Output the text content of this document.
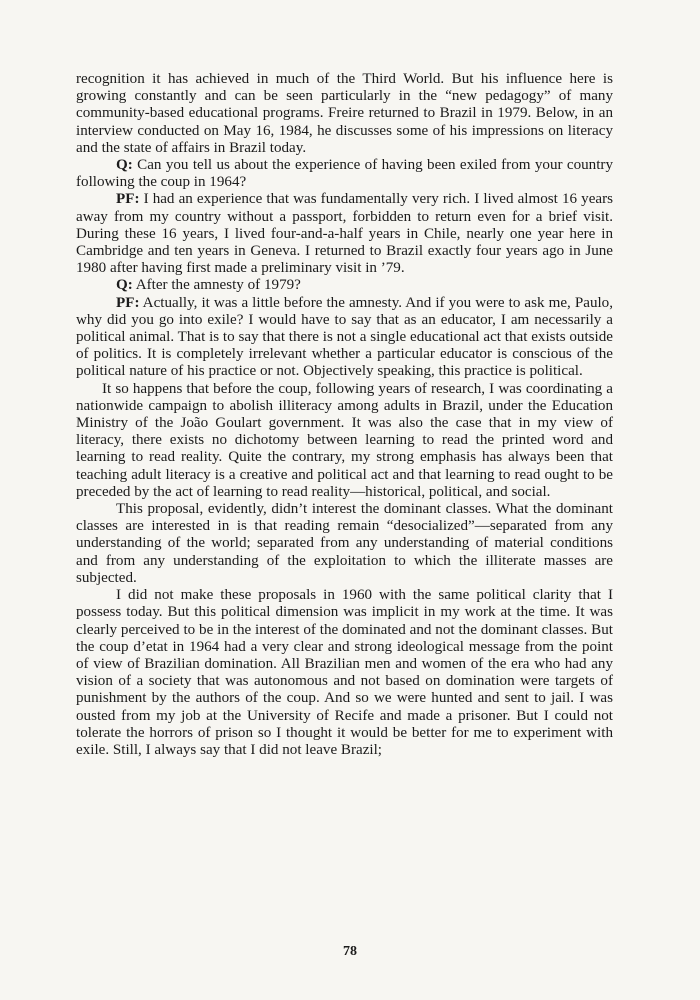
recognition it has achieved in much of the Third World. But his influence here is growing constantly and can be seen particularly in the “new pedagogy” of many community-based educational programs. Freire returned to Brazil in 1979. Below, in an interview conducted on May 16, 1984, he discusses some of his impressions on literacy and the state of affairs in Brazil today.

Q: Can you tell us about the experience of having been exiled from your country following the coup in 1964?

PF: I had an experience that was fundamentally very rich. I lived almost 16 years away from my country without a passport, forbidden to return even for a brief visit. During these 16 years, I lived four-and-a-half years in Chile, nearly one year here in Cambridge and ten years in Geneva. I returned to Brazil exactly four years ago in June 1980 after having first made a preliminary visit in ’79.

Q: After the amnesty of 1979?

PF: Actually, it was a little before the amnesty. And if you were to ask me, Paulo, why did you go into exile? I would have to say that as an educator, I am necessarily a political animal. That is to say that there is not a single educational act that exists outside of politics. It is completely irrelevant whether a particular educator is conscious of the political nature of his practice or not. Objectively speaking, this practice is political.

It so happens that before the coup, following years of research, I was coordinating a nationwide campaign to abolish illiteracy among adults in Brazil, under the Education Ministry of the João Goulart government. It was also the case that in my view of literacy, there exists no dichotomy between learning to read the printed word and learning to read reality. Quite the contrary, my strong emphasis has always been that teaching adult literacy is a creative and political act and that learning to read ought to be preceded by the act of learning to read reality—historical, political, and social.

This proposal, evidently, didn’t interest the dominant classes. What the dominant classes are interested in is that reading remain “desocialized”—separated from any understanding of the world; separated from any understanding of material conditions and from any understanding of the exploitation to which the illiterate masses are subjected.

I did not make these proposals in 1960 with the same political clarity that I possess today. But this political dimension was implicit in my work at the time. It was clearly perceived to be in the interest of the dominated and not the dominant classes. But the coup d’etat in 1964 had a very clear and strong ideological message from the point of view of Brazilian domination. All Brazilian men and women of the era who had any vision of a society that was autonomous and not based on domination were targets of punishment by the authors of the coup. And so we were hunted and sent to jail. I was ousted from my job at the University of Recife and made a prisoner. But I could not tolerate the horrors of prison so I thought it would be better for me to experiment with exile. Still, I always say that I did not leave Brazil;

78
